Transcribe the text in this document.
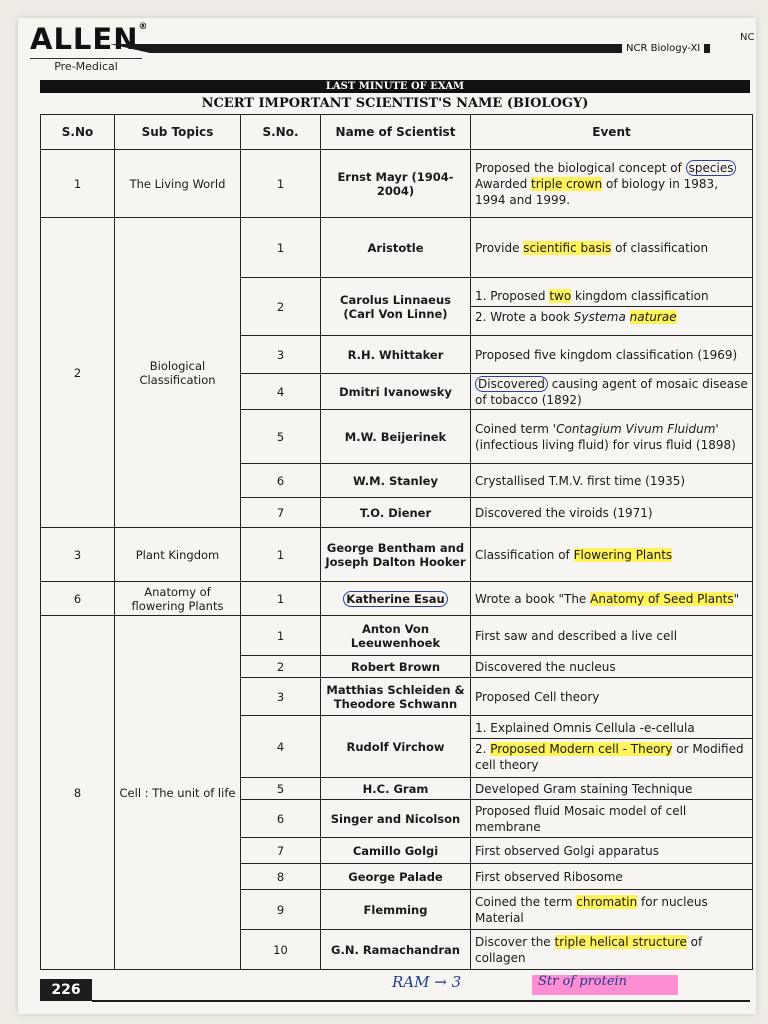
ALLEN®
Pre-Medical
NCR Biology-XI
NC
LAST MINUTE OF EXAM
NCERT IMPORTANT SCIENTIST'S NAME (BIOLOGY)
S.No	Sub Topics	S.No.	Name of Scientist	Event
1	The Living World	1	Ernst Mayr (1904-2004)	Proposed the biological concept of species
Awarded triple crown of biology in 1983, 1994 and 1999.
2	Biological Classification	1	Aristotle	Provide scientific basis of classification
		2	Carolus Linnaeus (Carl Von Linne)	1. Proposed two kingdom classification
2. Wrote a book Systema naturae

		3	R.H. Whittaker	Proposed five kingdom classification (1969)
		4	Dmitri Ivanowsky	Discovered causing agent of mosaic disease of tobacco (1892)
		5	M.W. Beijerinek	Coined term 'Contagium Vivum Fluidum' (infectious living fluid) for virus fluid (1898)
		6	W.M. Stanley	Crystallised T.M.V. first time (1935)
		7	T.O. Diener	Discovered the viroids (1971)
3	Plant Kingdom	1	George Bentham and Joseph Dalton Hooker	Classification of Flowering Plants
6	Anatomy of flowering Plants	1	Katherine Esau	Wrote a book "The Anatomy of Seed Plants"
8	Cell : The unit of life	1	Anton Von Leeuwenhoek	First saw and described a live cell
		2	Robert Brown	Discovered the nucleus
		3	Matthias Schleiden & Theodore Schwann	Proposed Cell theory
		4	Rudolf Virchow	1. Explained Omnis Cellula -e-cellula
2. Proposed Modern cell - Theory or Modified cell theory

		5	H.C. Gram	Developed Gram staining Technique
		6	Singer and Nicolson	Proposed fluid Mosaic model of cell membrane
		7	Camillo Golgi	First observed Golgi apparatus
		8	George Palade	First observed Ribosome
		9	Flemming	Coined the term chromatin for nucleus Material
		10	G.N. Ramachandran	Discover the triple helical structure of collagen
226	RAM → 3	Str of protein
